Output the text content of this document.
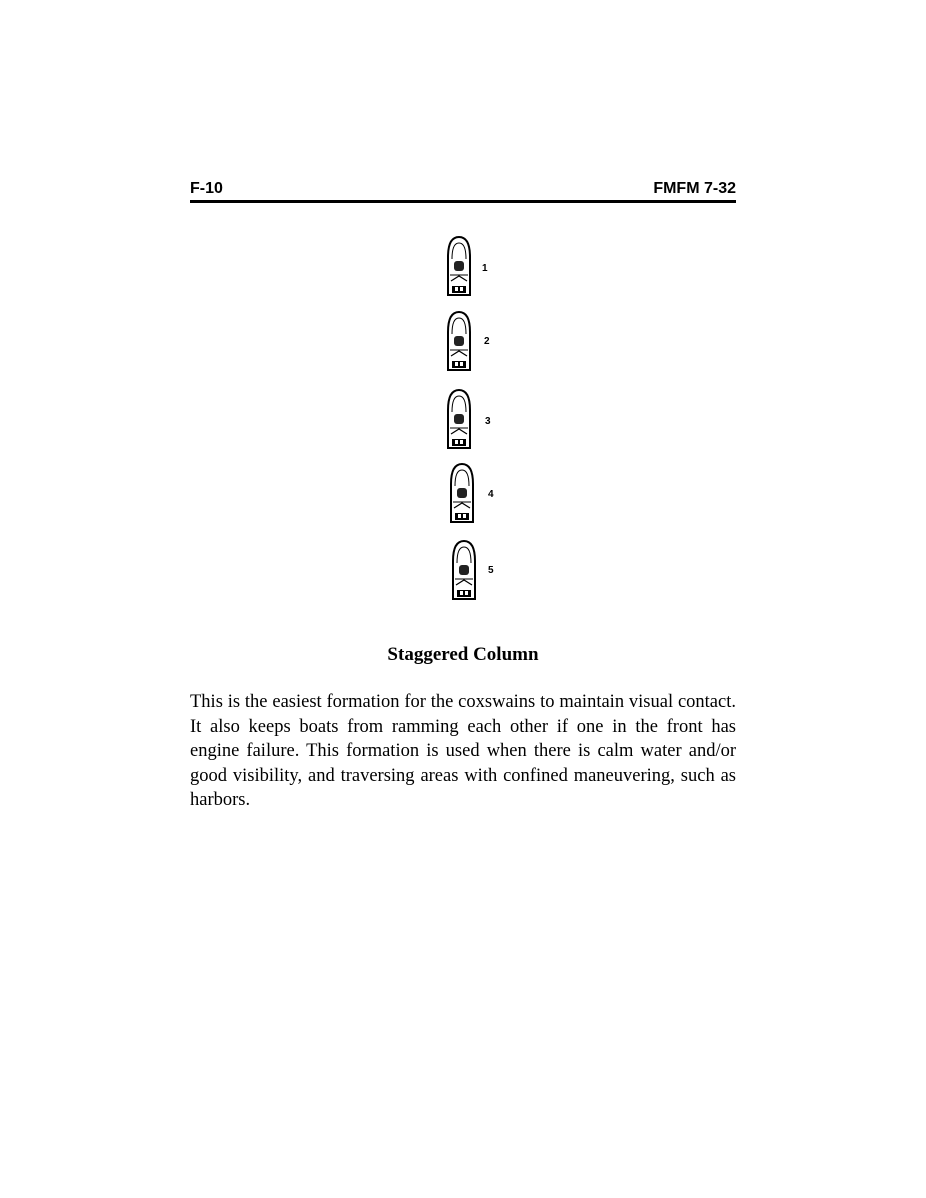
F-10	FMFM 7-32
1
2
3
4
5
Staggered Column

This is the easiest formation for the coxswains to maintain visual contact. It also keeps boats from ramming each other if one in the front has engine failure. This formation is used when there is calm water and/or good visibility, and traversing areas with confined maneuvering, such as harbors.
